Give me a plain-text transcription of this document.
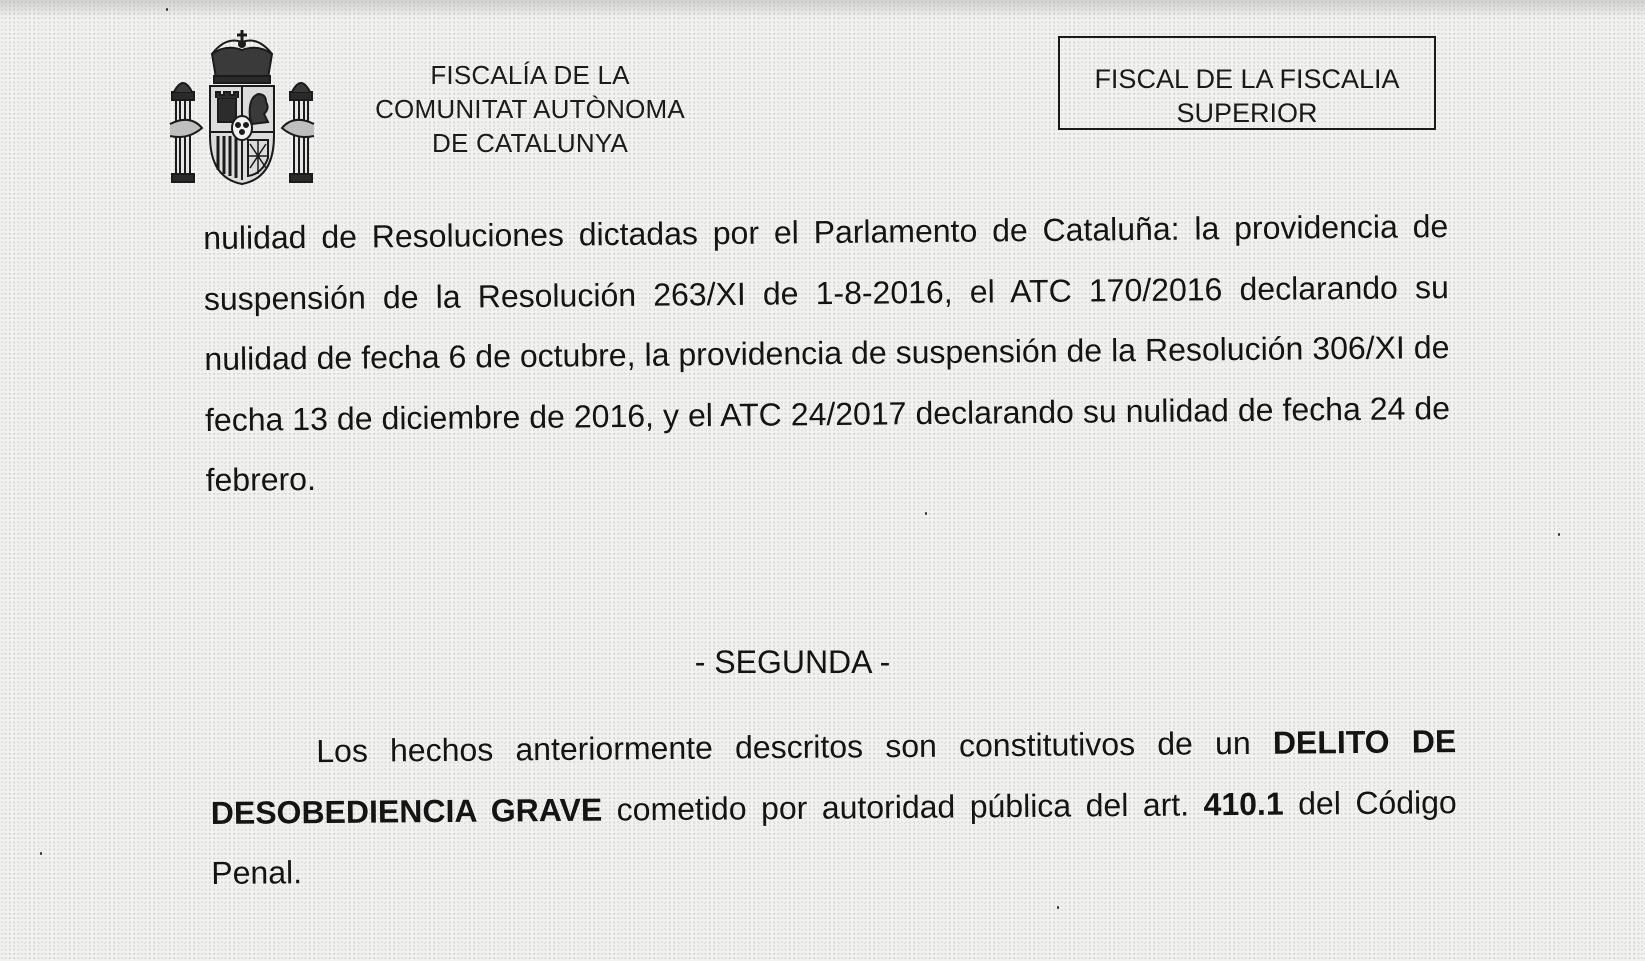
FISCALÍA DE LA
COMUNITAT AUTÒNOMA
DE CATALUNYA
FISCAL DE LA FISCALIA
SUPERIOR
nulidad de Resoluciones dictadas por el Parlamento de Cataluña: la providencia de suspensión de la Resolución 263/XI de 1-8-2016, el ATC 170/2016 declarando su nulidad de fecha 6 de octubre, la providencia de suspensión de la Resolución 306/XI de fecha 13 de diciembre de 2016, y el ATC 24/2017 declarando su nulidad de fecha 24 de febrero.
- SEGUNDA -
Los hechos anteriormente descritos son constitutivos de un DELITO DE DESOBEDIENCIA GRAVE cometido por autoridad pública del art. 410.1 del Código Penal.
